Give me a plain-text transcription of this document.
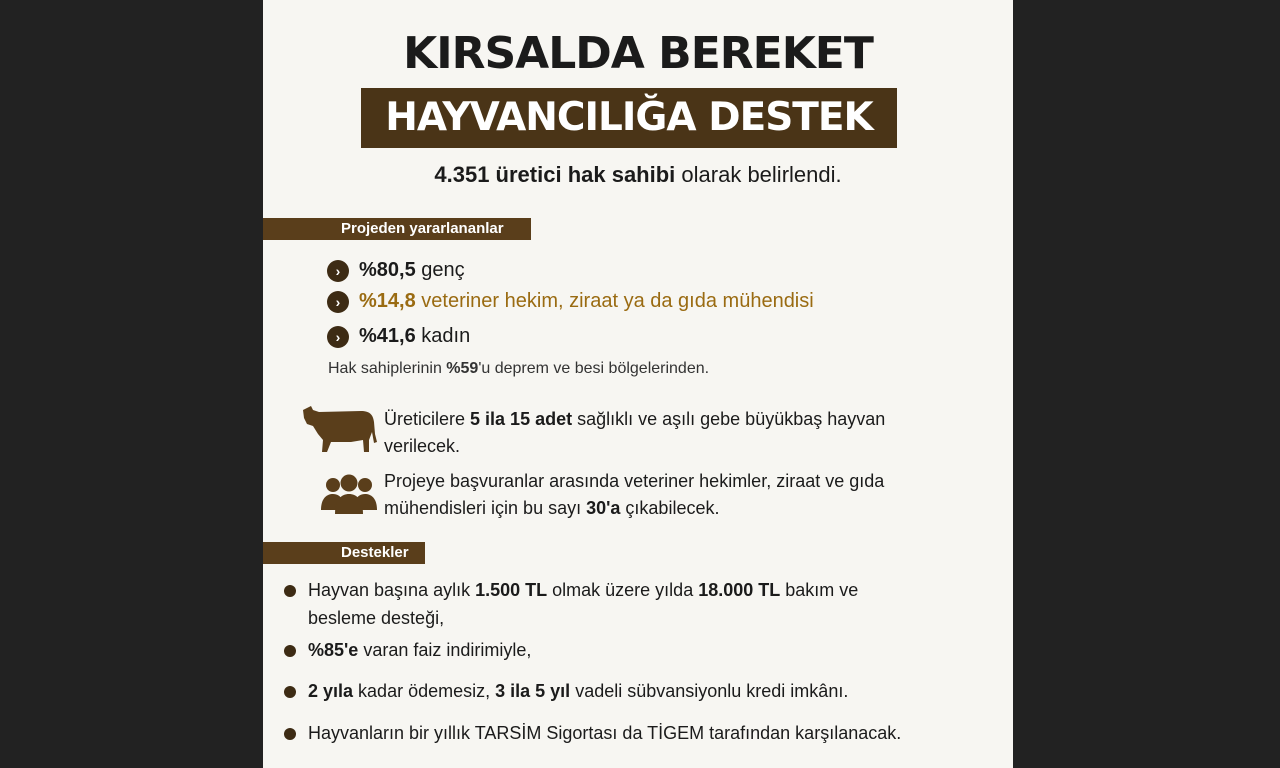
KIRSALDA BEREKET
HAYVANCILIĞA DESTEK
4.351 üretici hak sahibi olarak belirlendi.
Projeden yararlananlar
› %80,5 genç
› %14,8 veteriner hekim, ziraat ya da gıda mühendisi
› %41,6 kadın
Hak sahiplerinin %59'u deprem ve besi bölgelerinden.
Üreticilere 5 ila 15 adet sağlıklı ve aşılı gebe büyükbaş hayvan verilecek.
Projeye başvuranlar arasında veteriner hekimler, ziraat ve gıda mühendisleri için bu sayı 30'a çıkabilecek.
Destekler
Hayvan başına aylık 1.500 TL olmak üzere yılda 18.000 TL bakım ve besleme desteği,
%85'e varan faiz indirimiyle,
2 yıla kadar ödemesiz, 3 ila 5 yıl vadeli sübvansiyonlu kredi imkânı.
Hayvanların bir yıllık TARSİM Sigortası da TİGEM tarafından karşılanacak.
